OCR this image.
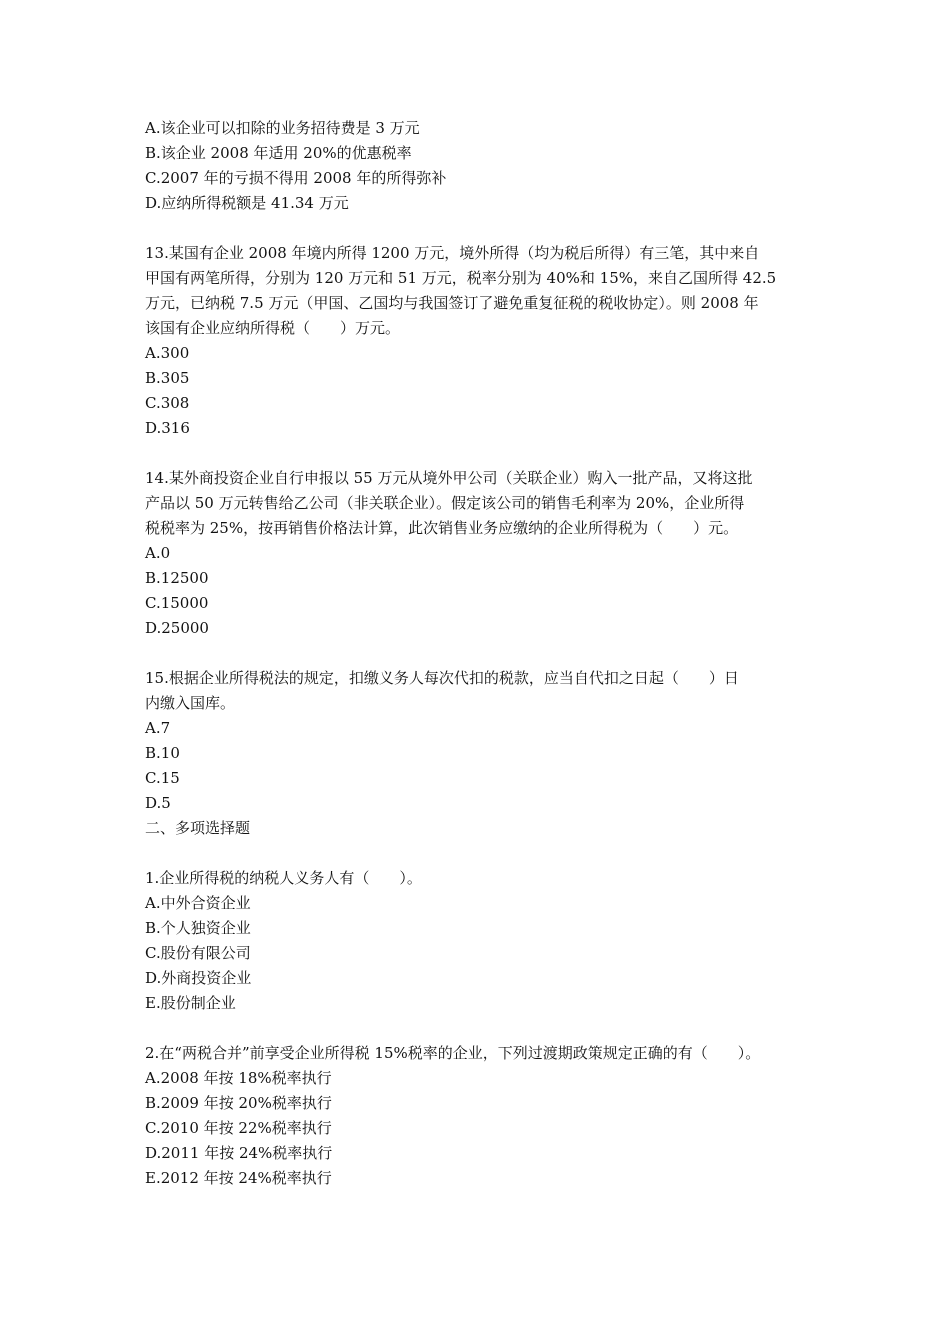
A.该企业可以扣除的业务招待费是 3 万元
B.该企业 2008 年适用 20%的优惠税率
C.2007 年的亏损不得用 2008 年的所得弥补
D.应纳所得税额是 41.34 万元
13.某国有企业 2008 年境内所得 1200 万元，境外所得（均为税后所得）有三笔，其中来自
甲国有两笔所得，分别为 120 万元和 51 万元，税率分别为 40%和 15%，来自乙国所得 42.5
万元，已纳税 7.5 万元（甲国、乙国均与我国签订了避免重复征税的税收协定）。则 2008 年
该国有企业应纳所得税（　　）万元。
A.300
B.305
C.308
D.316
14.某外商投资企业自行申报以 55 万元从境外甲公司（关联企业）购入一批产品，又将这批
产品以 50 万元转售给乙公司（非关联企业）。假定该公司的销售毛利率为 20%，企业所得
税税率为 25%，按再销售价格法计算，此次销售业务应缴纳的企业所得税为（　　）元。
A.0
B.12500
C.15000
D.25000
15.根据企业所得税法的规定，扣缴义务人每次代扣的税款，应当自代扣之日起（　　）日
内缴入国库。
A.7
B.10
C.15
D.5
二、多项选择题
1.企业所得税的纳税人义务人有（　　）。
A.中外合资企业
B.个人独资企业
C.股份有限公司
D.外商投资企业
E.股份制企业
2.在“两税合并”前享受企业所得税 15%税率的企业，下列过渡期政策规定正确的有（　　）。
A.2008 年按 18%税率执行
B.2009 年按 20%税率执行
C.2010 年按 22%税率执行
D.2011 年按 24%税率执行
E.2012 年按 24%税率执行
